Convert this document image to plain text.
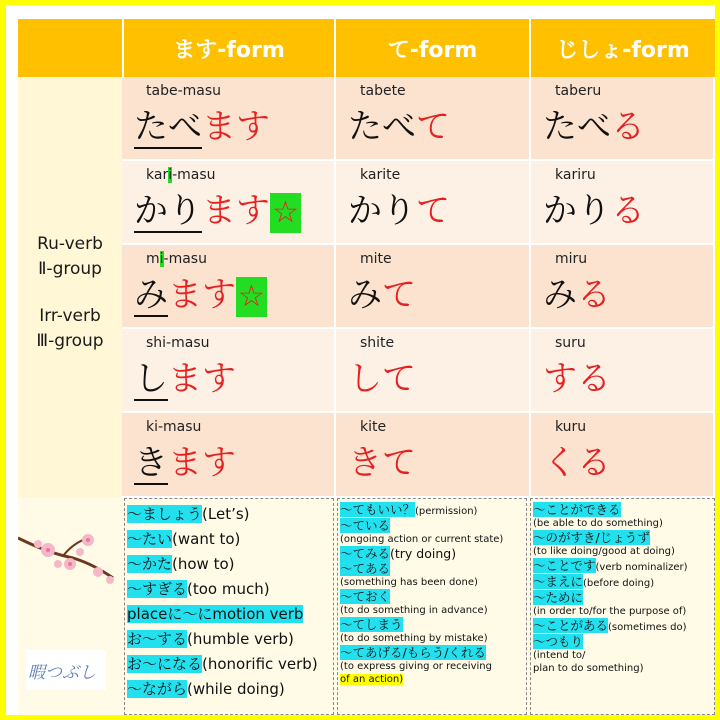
ます-form	て-form	じしょ-form
Ru-verb
Ⅱ-group
Irr-verb
Ⅲ-group
tabe-masu
たべます
tabete
たべて
taberu
たべる
kari-masu
かります☆
karite
かりて
kariru
かりる
mi-masu
みます☆
mite
みて
miru
みる
shi-masu
します
shite
して
suru
する
ki-masu
きます
kite
きて
kuru
くる
暇つぶし
～ましょう(Let’s)
～たい(want to)
～かた(how to)
～すぎる(too much)
placeに～にmotion verb
お～する(humble verb)
お～になる(honorific verb)
～ながら(while doing)
～てもいい？(permission)
～ている
(ongoing action or current state)
～てみる(try doing)
～てある
(something has been done)
～ておく
(to do something in advance)
～てしまう
(to do something by mistake)
～てあげる/もらう/くれる
(to express giving or receiving
of an action)
～ことができる
(be able to do something)
～のがすき/じょうず
(to like doing/good at doing)
～ことです(verb nominalizer)
～まえに(before doing)
～ために
(in order to/for the purpose of)
～ことがある(sometimes do)
～つもり
(intend to/
plan to do something)
